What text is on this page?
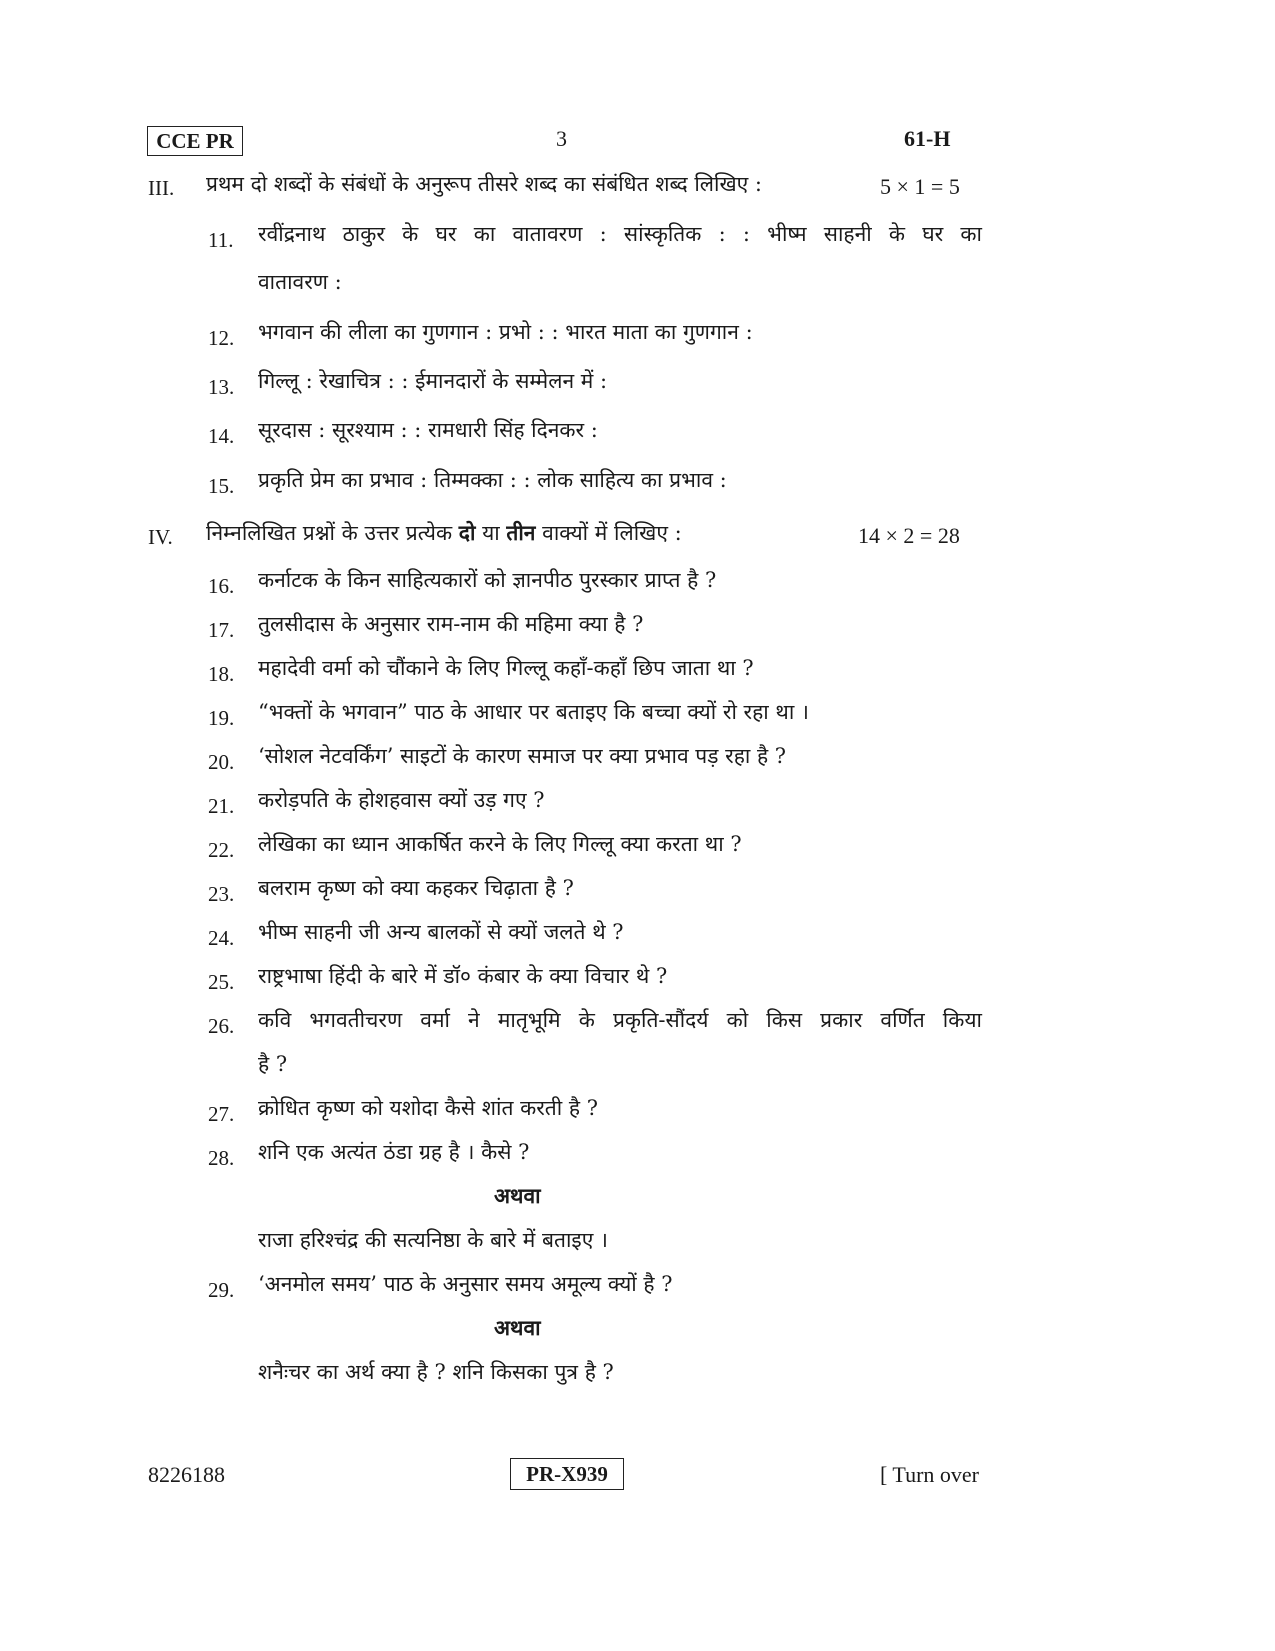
CCE PR	3	61-H
III. प्रथम दो शब्दों के संबंधों के अनुरूप तीसरे शब्द का संबंधित शब्द लिखिए :	5 × 1 = 5
11. रवींद्रनाथ ठाकुर के घर का वातावरण : सांस्कृतिक : : भीष्म साहनी के घर का
वातावरण :
12. भगवान की लीला का गुणगान : प्रभो : : भारत माता का गुणगान :
13. गिल्लू : रेखाचित्र : : ईमानदारों के सम्मेलन में :
14. सूरदास : सूरश्याम : : रामधारी सिंह दिनकर :
15. प्रकृति प्रेम का प्रभाव : तिम्मक्का : : लोक साहित्य का प्रभाव :
IV. निम्नलिखित प्रश्नों के उत्तर प्रत्येक दो या तीन वाक्यों में लिखिए :	14 × 2 = 28
16. कर्नाटक के किन साहित्यकारों को ज्ञानपीठ पुरस्कार प्राप्त है ?
17. तुलसीदास के अनुसार राम-नाम की महिमा क्या है ?
18. महादेवी वर्मा को चौंकाने के लिए गिल्लू कहाँ-कहाँ छिप जाता था ?
19. “भक्तों के भगवान” पाठ के आधार पर बताइए कि बच्चा क्यों रो रहा था ।
20. ‘सोशल नेटवर्किंग’ साइटों के कारण समाज पर क्या प्रभाव पड़ रहा है ?
21. करोड़पति के होशहवास क्यों उड़ गए ?
22. लेखिका का ध्यान आकर्षित करने के लिए गिल्लू क्या करता था ?
23. बलराम कृष्ण को क्या कहकर चिढ़ाता है ?
24. भीष्म साहनी जी अन्य बालकों से क्यों जलते थे ?
25. राष्ट्रभाषा हिंदी के बारे में डॉ० कंबार के क्या विचार थे ?
26. कवि भगवतीचरण वर्मा ने मातृभूमि के प्रकृति-सौंदर्य को किस प्रकार वर्णित किया
है ?
27. क्रोधित कृष्ण को यशोदा कैसे शांत करती है ?
28. शनि एक अत्यंत ठंडा ग्रह है । कैसे ?
अथवा
राजा हरिश्चंद्र की सत्यनिष्ठा के बारे में बताइए ।
29. ‘अनमोल समय’ पाठ के अनुसार समय अमूल्य क्यों है ?
अथवा
शनैःचर का अर्थ क्या है ? शनि किसका पुत्र है ?
8226188	PR-X939	[ Turn over
